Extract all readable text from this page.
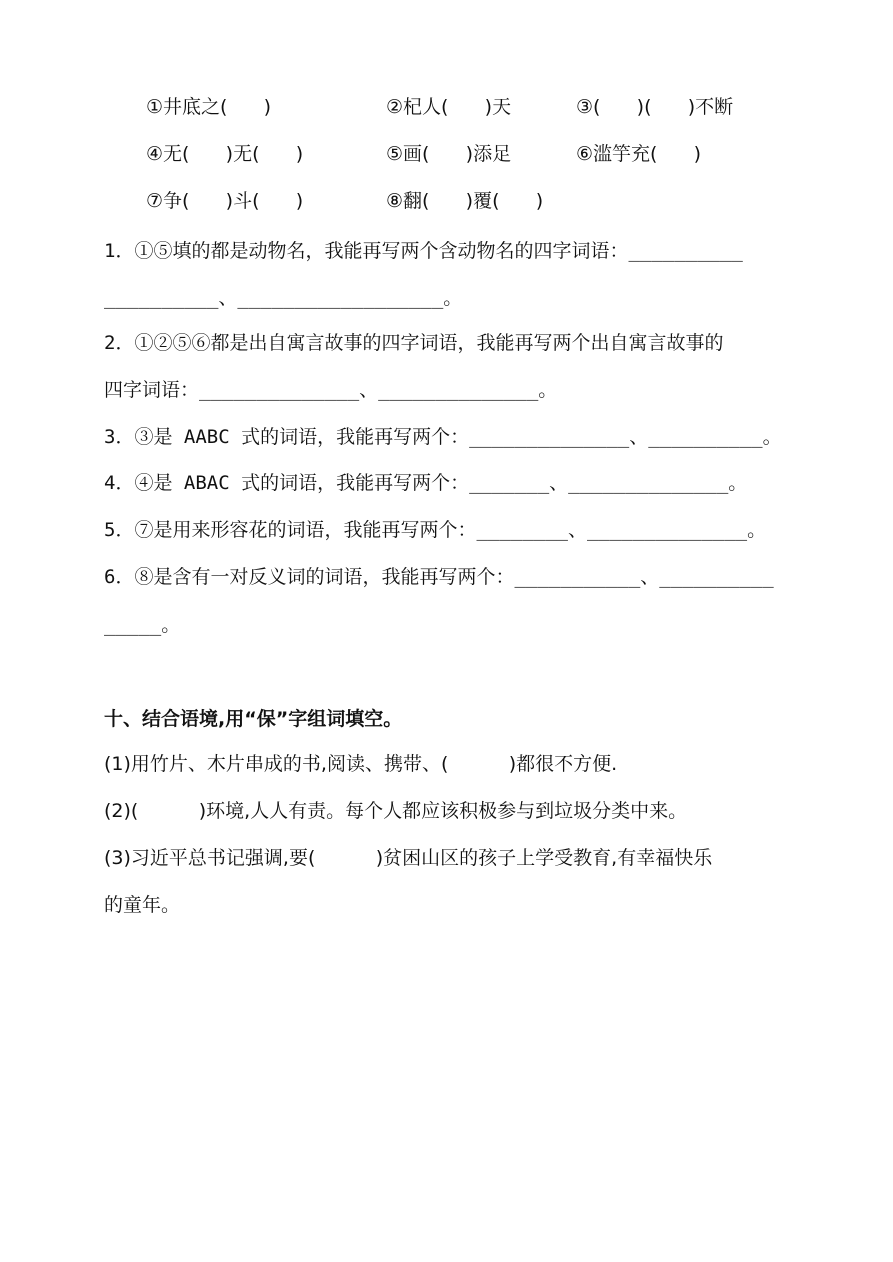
①井底之(      )	②杞人(      )天	③(      )(      )不断
④无(      )无(      )	⑤画(      )添足	⑥滥竽充(      )
⑦争(      )斗(      )	⑧翻(      )覆(      )
1．①⑤填的都是动物名，我能再写两个含动物名的四字词语：__________
__________、__________________。
2．①②⑤⑥都是出自寓言故事的四字词语，我能再写两个出自寓言故事的
四字词语：______________、______________。
3．③是 AABC 式的词语，我能再写两个：______________、__________。
4．④是 ABAC 式的词语，我能再写两个：_______、______________。
5．⑦是用来形容花的词语，我能再写两个：________、______________。
6．⑧是含有一对反义词的词语，我能再写两个：___________、__________
_____。
十、结合语境,用“保”字组词填空。
(1)用竹片、木片串成的书,阅读、携带、(          )都很不方便.
(2)(          )环境,人人有责。每个人都应该积极参与到垃圾分类中来。
(3)习近平总书记强调,要(          )贫困山区的孩子上学受教育,有幸福快乐
的童年。
